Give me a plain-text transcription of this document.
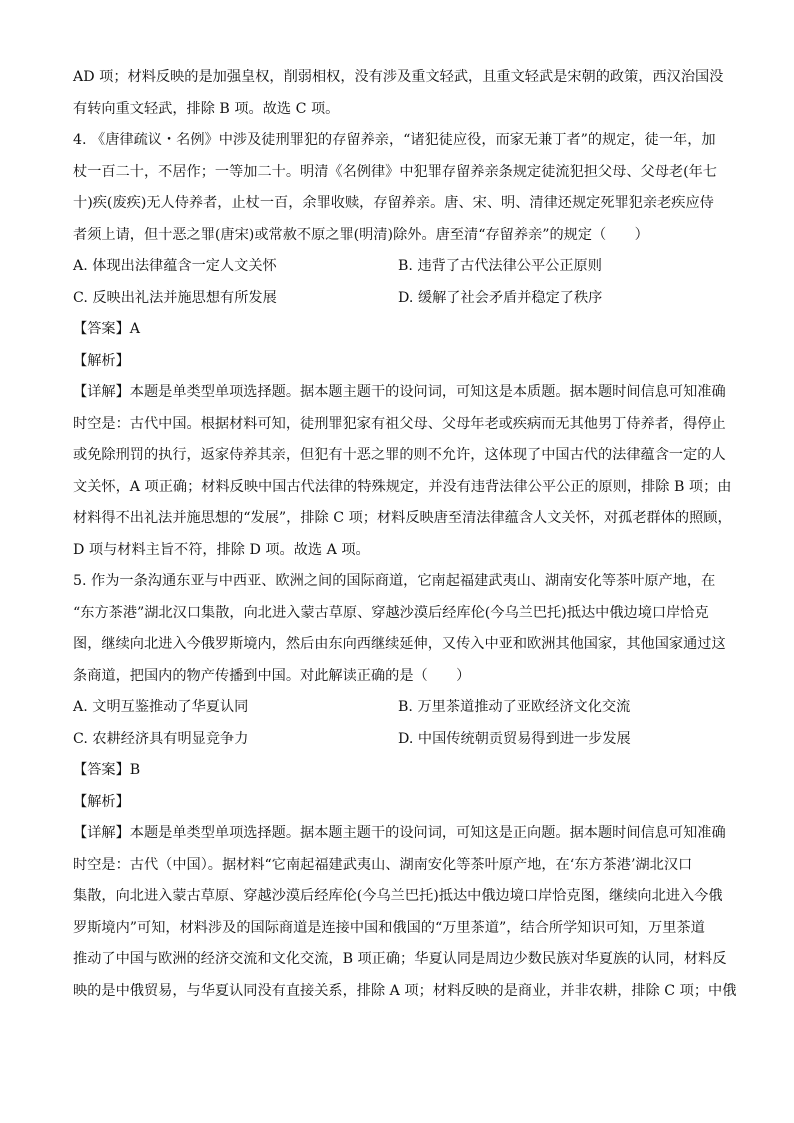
AD 项；材料反映的是加强皇权，削弱相权，没有涉及重文轻武，且重文轻武是宋朝的政策，西汉治国没
有转向重文轻武，排除 B 项。故选 C 项。
4. 《唐律疏议・名例》中涉及徒刑罪犯的存留养亲，“诸犯徒应役，而家无兼丁者”的规定，徒一年，加
杖一百二十，不居作；一等加二十。明清《名例律》中犯罪存留养亲条规定徒流犯担父母、父母老(年七
十)疾(废疾)无人侍养者，止杖一百，余罪收赎，存留养亲。唐、宋、明、清律还规定死罪犯亲老疾应侍
者须上请，但十恶之罪(唐宋)或常赦不原之罪(明清)除外。唐至清“存留养亲”的规定（　　）
A. 体现出法律蕴含一定人文关怀	B. 违背了古代法律公平公正原则
C. 反映出礼法并施思想有所发展	D. 缓解了社会矛盾并稳定了秩序
【答案】A
【解析】
【详解】本题是单类型单项选择题。据本题主题干的设问词，可知这是本质题。据本题时间信息可知准确
时空是：古代中国。根据材料可知，徒刑罪犯家有祖父母、父母年老或疾病而无其他男丁侍养者，得停止
或免除刑罚的执行，返家侍养其亲，但犯有十恶之罪的则不允许，这体现了中国古代的法律蕴含一定的人
文关怀，A 项正确；材料反映中国古代法律的特殊规定，并没有违背法律公平公正的原则，排除 B 项；由
材料得不出礼法并施思想的“发展”，排除 C 项；材料反映唐至清法律蕴含人文关怀，对孤老群体的照顾，
D 项与材料主旨不符，排除 D 项。故选 A 项。
5. 作为一条沟通东亚与中西亚、欧洲之间的国际商道，它南起福建武夷山、湖南安化等茶叶原产地，在
“东方茶港”湖北汉口集散，向北进入蒙古草原、穿越沙漠后经库伦(今乌兰巴托)抵达中俄边境口岸恰克
图，继续向北进入今俄罗斯境内，然后由东向西继续延伸，又传入中亚和欧洲其他国家，其他国家通过这
条商道，把国内的物产传播到中国。对此解读正确的是（　　）
A. 文明互鉴推动了华夏认同	B. 万里茶道推动了亚欧经济文化交流
C. 农耕经济具有明显竞争力	D. 中国传统朝贡贸易得到进一步发展
【答案】B
【解析】
【详解】本题是单类型单项选择题。据本题主题干的设问词，可知这是正向题。据本题时间信息可知准确
时空是：古代（中国）。据材料“它南起福建武夷山、湖南安化等茶叶原产地，在‘东方茶港’湖北汉口
集散，向北进入蒙古草原、穿越沙漠后经库伦(今乌兰巴托)抵达中俄边境口岸恰克图，继续向北进入今俄
罗斯境内”可知，材料涉及的国际商道是连接中国和俄国的“万里茶道”，结合所学知识可知，万里茶道
推动了中国与欧洲的经济交流和文化交流，B 项正确；华夏认同是周边少数民族对华夏族的认同，材料反
映的是中俄贸易，与华夏认同没有直接关系，排除 A 项；材料反映的是商业，并非农耕，排除 C 项；中俄
